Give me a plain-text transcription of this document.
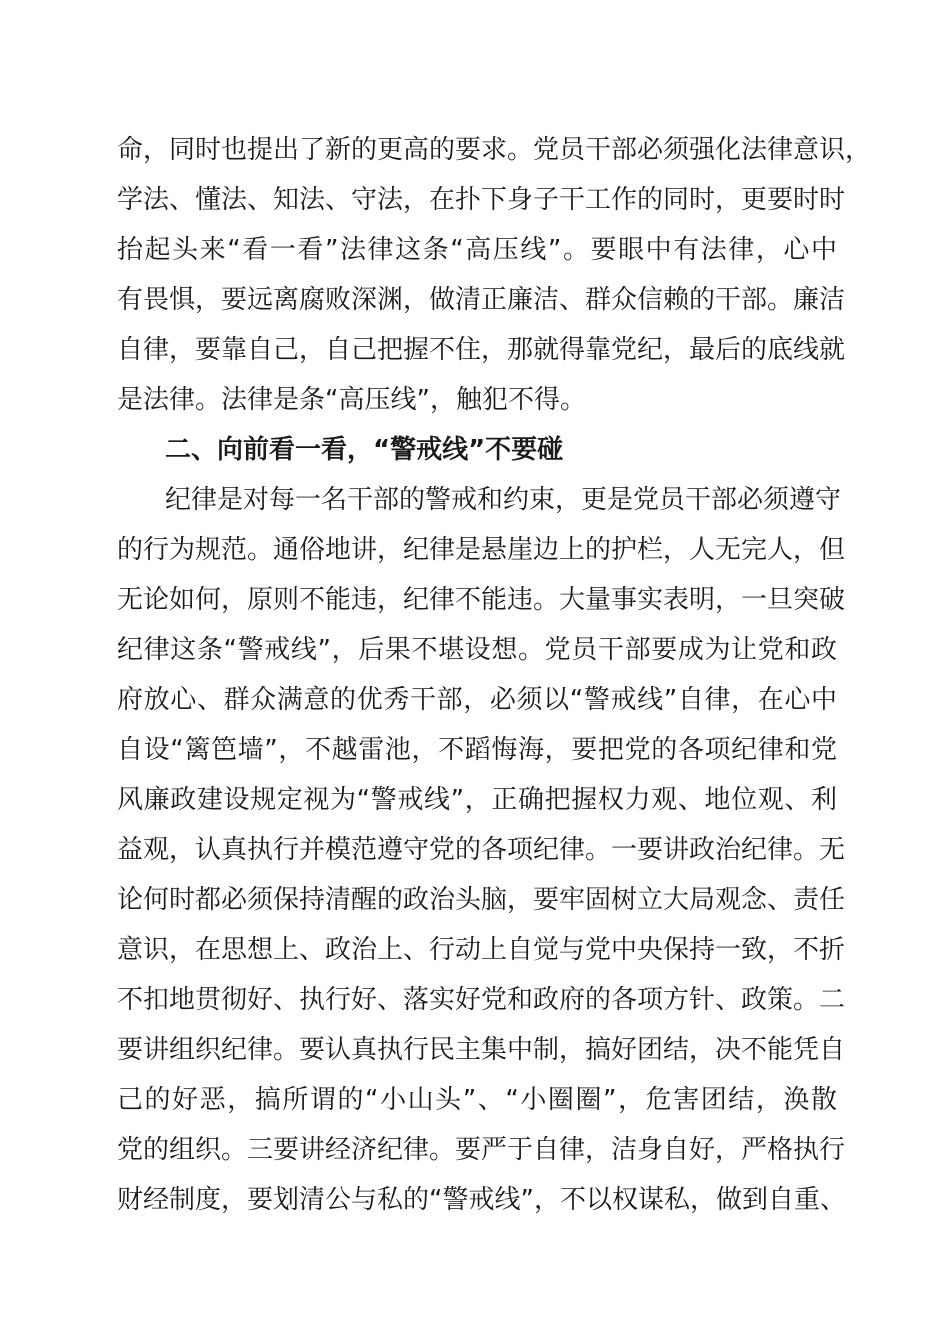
命，同时也提出了新的更高的要求。党员干部必须强化法律意识，
学法、懂法、知法、守法，在扑下身子干工作的同时，更要时时
抬起头来“看一看”法律这条“高压线”。要眼中有法律，心中
有畏惧，要远离腐败深渊，做清正廉洁、群众信赖的干部。廉洁
自律，要靠自己，自己把握不住，那就得靠党纪，最后的底线就
是法律。法律是条“高压线”，触犯不得。
二、向前看一看，“警戒线”不要碰
纪律是对每一名干部的警戒和约束，更是党员干部必须遵守
的行为规范。通俗地讲，纪律是悬崖边上的护栏，人无完人，但
无论如何，原则不能违，纪律不能违。大量事实表明，一旦突破
纪律这条“警戒线”，后果不堪设想。党员干部要成为让党和政
府放心、群众满意的优秀干部，必须以“警戒线”自律，在心中
自设“篱笆墙”，不越雷池，不蹈悔海，要把党的各项纪律和党
风廉政建设规定视为“警戒线”，正确把握权力观、地位观、利
益观，认真执行并模范遵守党的各项纪律。一要讲政治纪律。无
论何时都必须保持清醒的政治头脑，要牢固树立大局观念、责任
意识，在思想上、政治上、行动上自觉与党中央保持一致，不折
不扣地贯彻好、执行好、落实好党和政府的各项方针、政策。二
要讲组织纪律。要认真执行民主集中制，搞好团结，决不能凭自
己的好恶，搞所谓的“小山头”、“小圈圈”，危害团结，涣散
党的组织。三要讲经济纪律。要严于自律，洁身自好，严格执行
财经制度，要划清公与私的“警戒线”，不以权谋私，做到自重、
